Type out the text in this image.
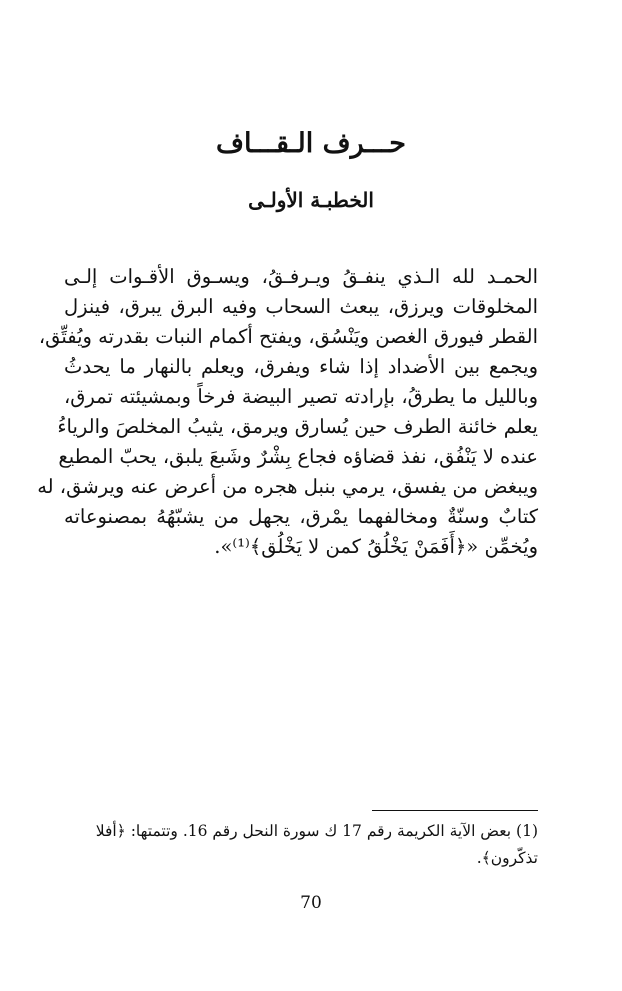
حـــرف الـقـــاف
الخطبـة الأولـى
الحمـد لله الـذي ينفـقُ ويـرفـقُ، ويسـوق الأقـوات إلـى
المخلوقات ويرزق، يبعث السحاب وفيه البرق يبرق، فينزل
القطر فيورق الغصن ويَنْسُق، ويفتح أكمام النبات بقدرته ويُفتِّق،
ويجمع بين الأضداد إذا شاء ويفرق، ويعلم بالنهار ما يحدثُ
وبالليل ما يطرقُ، بإرادته تصير البيضة فرخاً وبمشيئته تمرق،
يعلم خائنة الطرف حين يُسارق ويرمق، يثيبُ المخلصَ والرياءُ
عنده لا يَنْفُق، نفذ قضاؤه فجاع بِشْرٌ وشَبعَ يلبق، يحبّ المطيع
ويبغض من يفسق، يرمي بنبل هجره من أعرض عنه ويرشق، له
كتابٌ وسنّةٌ ومخالفهما يمْرق، يجهل من يشبّهُهُ بمصنوعاته
ويُخمِّن «﴿أَفَمَنْ يَخْلُقُ كمن لا يَخْلُق﴾⁽¹⁾».
(1) بعض الآية الكريمة رقم 17 ك سورة النحل رقم 16. وتتمتها: ﴿أفلا
تذكّرون﴾.
70
